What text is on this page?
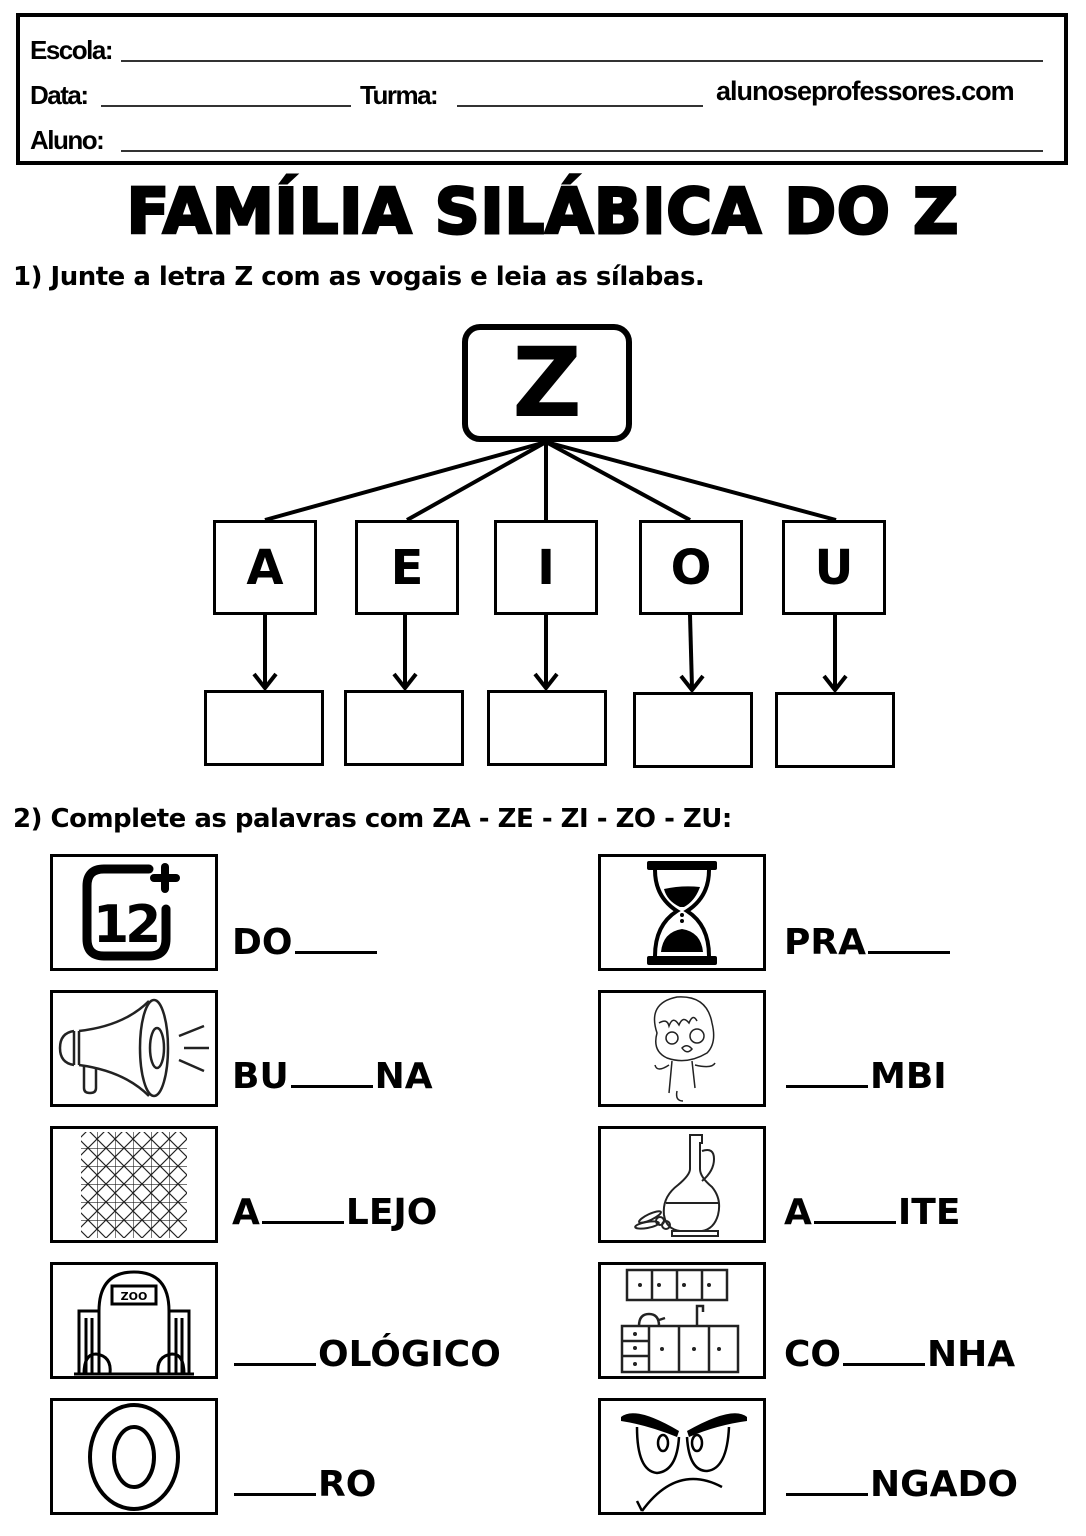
Escola:
Data:	Turma:	alunoseprofessores.com
Aluno:
FAMÍLIA SILÁBICA DO Z
1) Junte a letra Z com as vogais e leia as sílabas.
Z
A	E	I	O	U
2) Complete as palavras com ZA - ZE - ZI - ZO - ZU:
12 DO	PRA
BU NA	MBI
A LEJO	A ITE
ZOO
OLÓGICO	CO NHA
RO	NGADO
